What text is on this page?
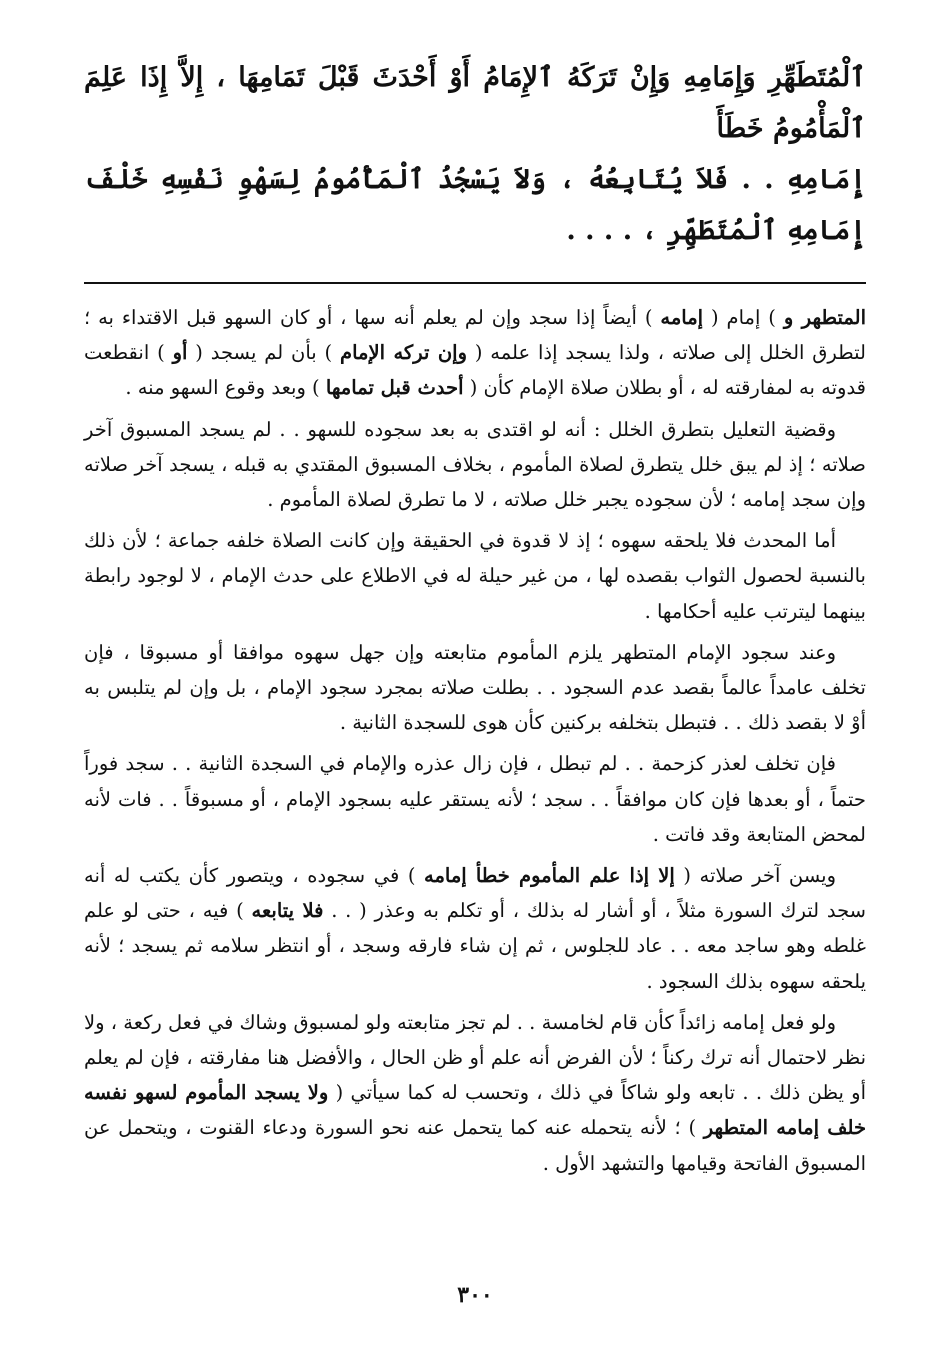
ٱلْمُتَطَهِّرِ وَإِمَامِهِ وَإِنْ تَرَكَهُ ٱلإِمَامُ أَوْ أَحْدَثَ قَبْلَ تَمَامِهَا ، إِلاَّ إِذَا عَلِمَ ٱلْمَأْمُومُ خَطَأَ
إِمَامِهِ . . فَلاَ يُتَابِعُهُ ، وَلاَ يَسْجُدُ ٱلْمَأْمُومُ لِسَهْوِ نَفْسِهِ خَلْفَ إِمَامِهِ ٱلْمُتَطَهِّرِ ، . . . .

المتطهر و ) إمام ( إمامه ) أيضاً إذا سجد وإن لم يعلم أنه سها ، أو كان السهو قبل الاقتداء به ؛ لتطرق الخلل إلى صلاته ، ولذا يسجد إذا علمه ( وإن تركه الإمام ) بأن لم يسجد ( أو ) انقطعت قدوته به لمفارقته له ، أو بطلان صلاة الإمام كأن ( أحدث قبل تمامها ) وبعد وقوع السهو منه .

وقضية التعليل بتطرق الخلل : أنه لو اقتدى به بعد سجوده للسهو . . لم يسجد المسبوق آخر صلاته ؛ إذ لم يبق خلل يتطرق لصلاة المأموم ، بخلاف المسبوق المقتدي به قبله ، يسجد آخر صلاته وإن سجد إمامه ؛ لأن سجوده يجبر خلل صلاته ، لا ما تطرق لصلاة المأموم .

أما المحدث فلا يلحقه سهوه ؛ إذ لا قدوة في الحقيقة وإن كانت الصلاة خلفه جماعة ؛ لأن ذلك بالنسبة لحصول الثواب بقصده لها ، من غير حيلة له في الاطلاع على حدث الإمام ، لا لوجود رابطة بينهما ليترتب عليه أحكامها .

وعند سجود الإمام المتطهر يلزم المأموم متابعته وإن جهل سهوه موافقا أو مسبوقا ، فإن تخلف عامداً عالماً بقصد عدم السجود . . بطلت صلاته بمجرد سجود الإمام ، بل وإن لم يتلبس به أوْ لا بقصد ذلك . . فتبطل بتخلفه بركنين كأن هوى للسجدة الثانية .

فإن تخلف لعذر كزحمة . . لم تبطل ، فإن زال عذره والإمام في السجدة الثانية . . سجد فوراً حتماً ، أو بعدها فإن كان موافقاً . . سجد ؛ لأنه يستقر عليه بسجود الإمام ، أو مسبوقاً . . فات لأنه لمحض المتابعة وقد فاتت .

ويسن آخر صلاته ( إلا إذا علم المأموم خطأ إمامه ) في سجوده ، ويتصور كأن يكتب له أنه سجد لترك السورة مثلاً ، أو أشار له بذلك ، أو تكلم به وعذر ( . . فلا يتابعه ) فيه ، حتى لو علم غلطه وهو ساجد معه . . عاد للجلوس ، ثم إن شاء فارقه وسجد ، أو انتظر سلامه ثم يسجد ؛ لأنه يلحقه سهوه بذلك السجود .

ولو فعل إمامه زائداً كأن قام لخامسة . . لم تجز متابعته ولو لمسبوق وشاك في فعل ركعة ، ولا نظر لاحتمال أنه ترك ركناً ؛ لأن الفرض أنه علم أو ظن الحال ، والأفضل هنا مفارقته ، فإن لم يعلم أو يظن ذلك . . تابعه ولو شاكاً في ذلك ، وتحسب له كما سيأتي ( ولا يسجد المأموم لسهو نفسه خلف إمامه المتطهر ) ؛ لأنه يتحمله عنه كما يتحمل عنه نحو السورة ودعاء القنوت ، ويتحمل عن المسبوق الفاتحة وقيامها والتشهد الأول .

٣٠٠
